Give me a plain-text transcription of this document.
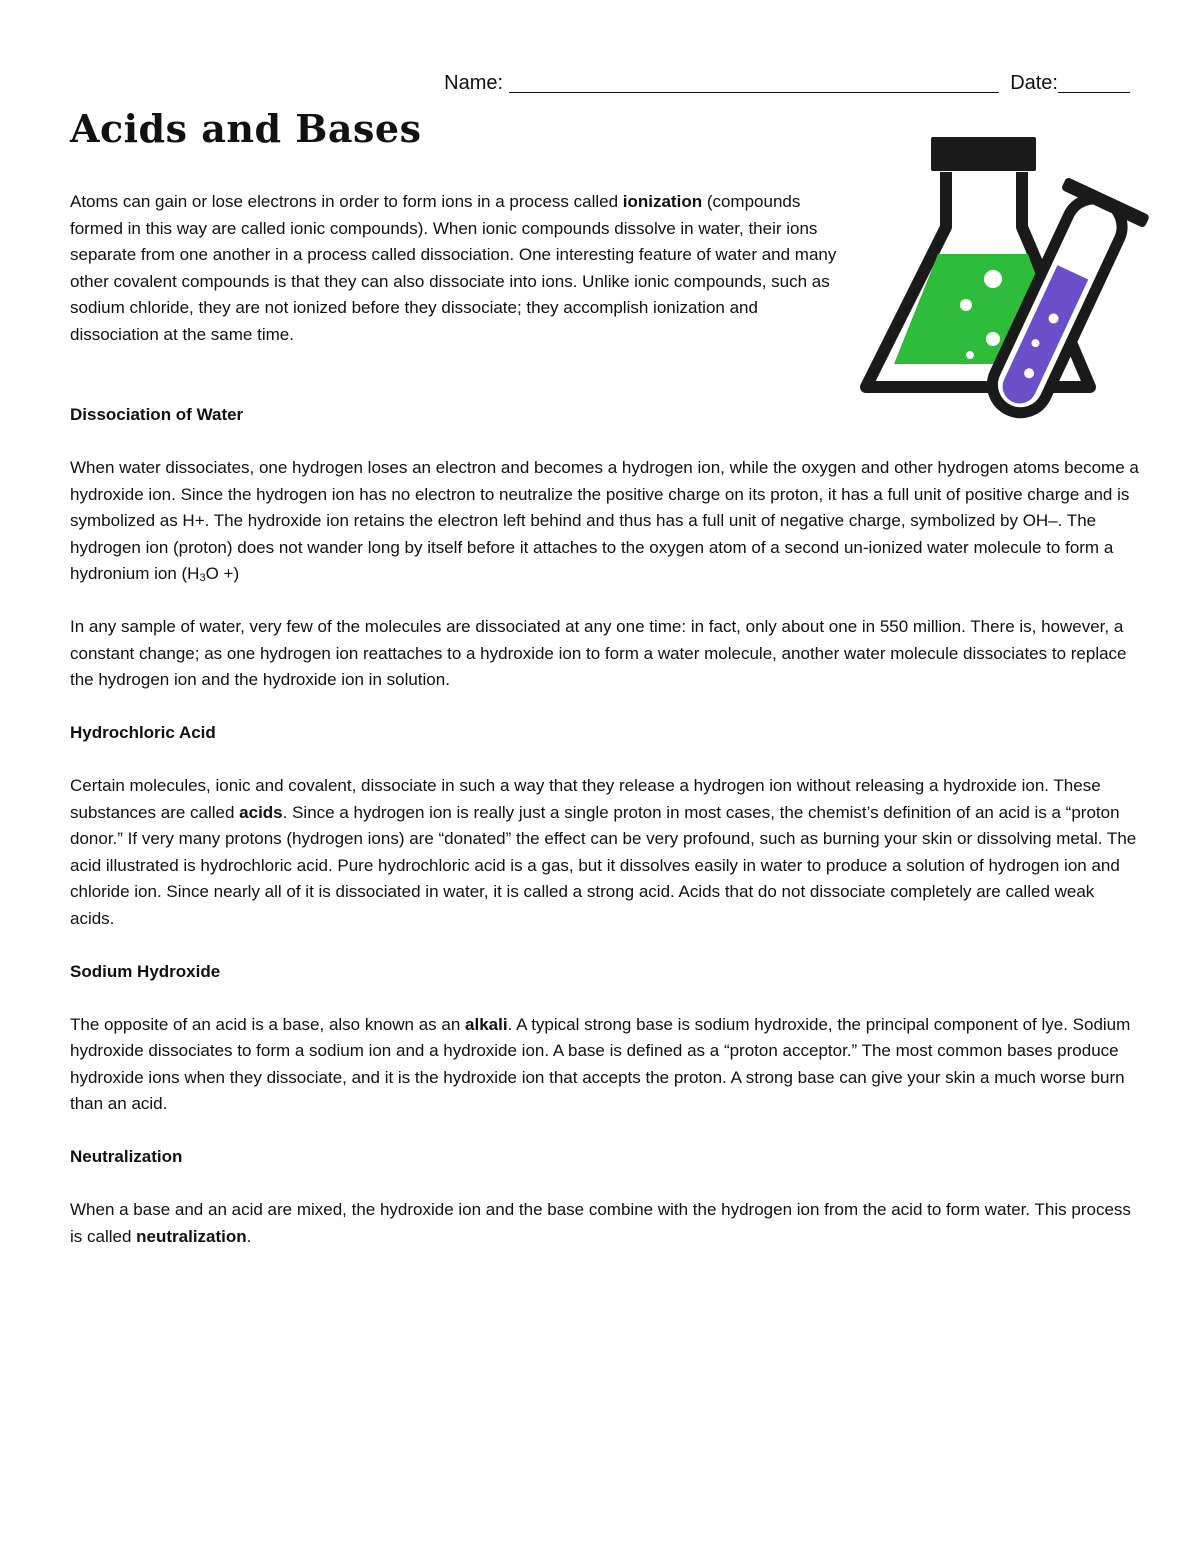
Name:	Date:
Acids and Bases

Atoms can gain or lose electrons in order to form ions in a process called ionization (compounds formed in this way are called ionic compounds). When ionic compounds dissolve in water, their ions separate from one another in a process called dissociation. One interesting feature of water and many other covalent compounds is that they can also dissociate into ions. Unlike ionic compounds, such as sodium chloride, they are not ionized before they dissociate; they accomplish ionization and dissociation at the same time.

Dissociation of Water

When water dissociates, one hydrogen loses an electron and becomes a hydrogen ion, while the oxygen and other hydrogen atoms become a hydroxide ion. Since the hydrogen ion has no electron to neutralize the positive charge on its proton, it has a full unit of positive charge and is symbolized as H+. The hydroxide ion retains the electron left behind and thus has a full unit of negative charge, symbolized by OH–. The hydrogen ion (proton) does not wander long by itself before it attaches to the oxygen atom of a second un-ionized water molecule to form a hydronium ion ($H_3O$ +)

In any sample of water, very few of the molecules are dissociated at any one time: in fact, only about one in 550 million. There is, however, a constant change; as one hydrogen ion reattaches to a hydroxide ion to form a water molecule, another water molecule dissociates to replace the hydrogen ion and the hydroxide ion in solution.

Hydrochloric Acid

Certain molecules, ionic and covalent, dissociate in such a way that they release a hydrogen ion without releasing a hydroxide ion. These substances are called acids. Since a hydrogen ion is really just a single proton in most cases, the chemist’s definition of an acid is a “proton donor.” If very many protons (hydrogen ions) are “donated” the effect can be very profound, such as burning your skin or dissolving metal. The acid illustrated is hydrochloric acid. Pure hydrochloric acid is a gas, but it dissolves easily in water to produce a solution of hydrogen ion and chloride ion. Since nearly all of it is dissociated in water, it is called a strong acid. Acids that do not dissociate completely are called weak acids.

Sodium Hydroxide

The opposite of an acid is a base, also known as an alkali. A typical strong base is sodium hydroxide, the principal component of lye. Sodium hydroxide dissociates to form a sodium ion and a hydroxide ion. A base is defined as a “proton acceptor.” The most common bases produce hydroxide ions when they dissociate, and it is the hydroxide ion that accepts the proton. A strong base can give your skin a much worse burn than an acid.

Neutralization

When a base and an acid are mixed, the hydroxide ion and the base combine with the hydrogen ion from the acid to form water. This process is called neutralization.
